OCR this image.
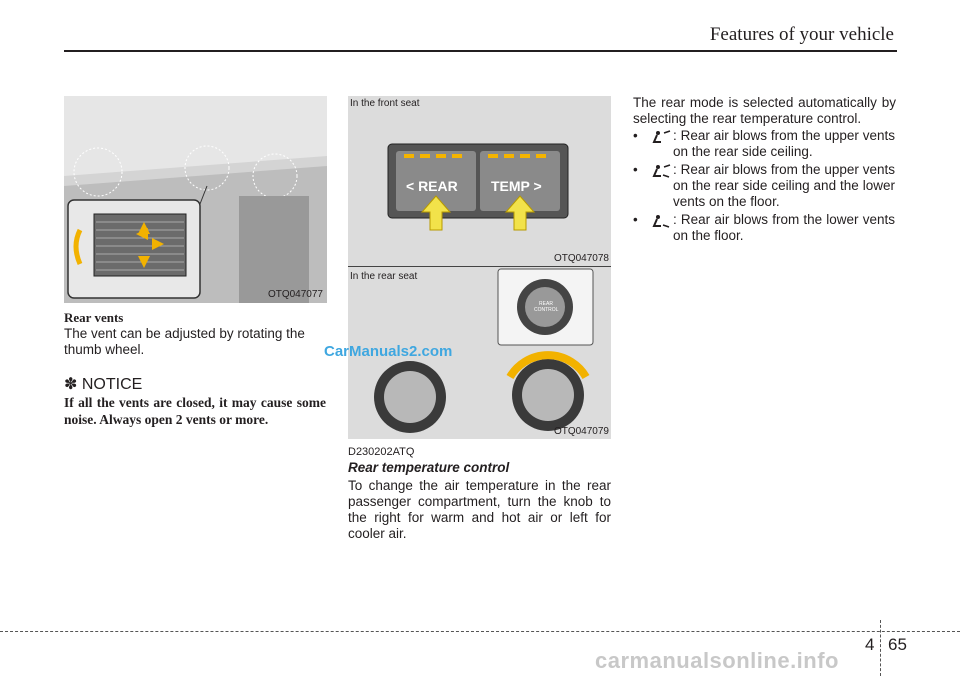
Features of your vehicle
OTQ047077
Rear vents
The vent can be adjusted by rotating the thumb wheel.
✽ NOTICE
If all the vents are closed, it may cause some noise. Always open 2 vents or more.
In the front seat
< REAR TEMP >
OTQ047078
In the rear seat
REAR CONTROL
OTQ047079
D230202ATQ
Rear temperature control
To change the air temperature in the rear passenger compartment, turn the knob to the right for warm and hot air or left for cooler air.
The rear mode is selected automatically by selecting the rear temperature control.
•	: Rear air blows from the upper vents on the rear side ceiling.
•	: Rear air blows from the upper vents on the rear side ceiling and the lower vents on the floor.
•	: Rear air blows from the lower vents on the floor.
CarManuals2.com
4 65
carmanualsonline.info
